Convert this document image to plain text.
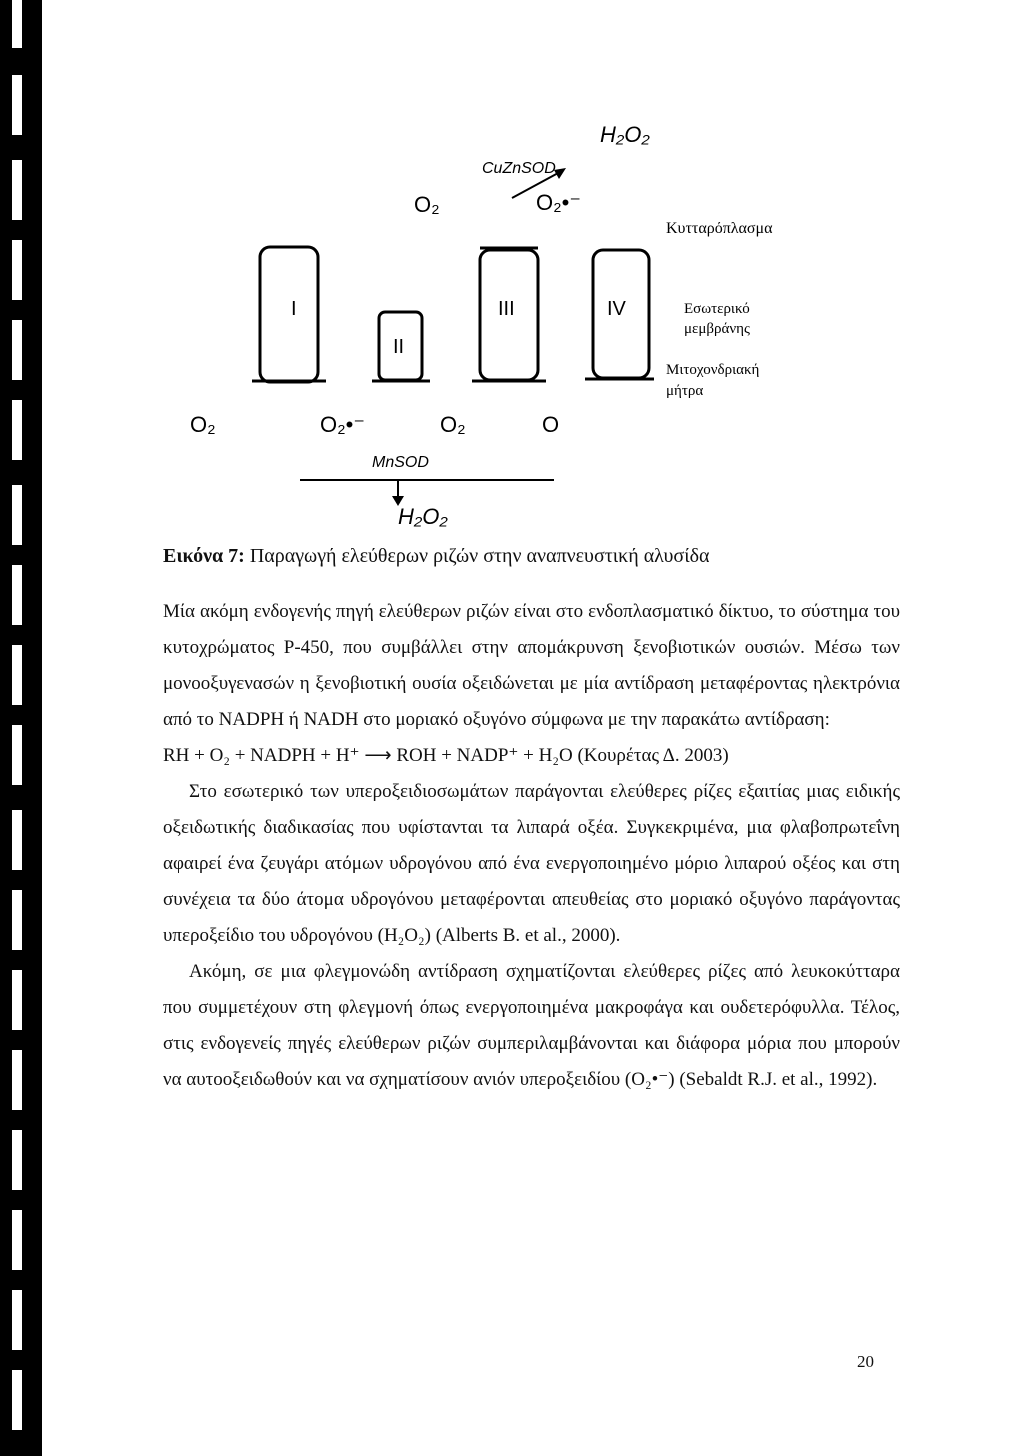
H₂O₂
CuZnSOD
O₂	O₂•⁻
Κυτταρόπλασμα
I
II
III	IV	Εσωτερικό
μεμβράνης
Μιτοχονδριακή
μήτρα
O₂	O₂•⁻	O₂	O
MnSOD
H₂O₂
Εικόνα 7: Παραγωγή ελεύθερων ριζών στην αναπνευστική αλυσίδα

Μία ακόμη ενδογενής πηγή ελεύθερων ριζών είναι στο ενδοπλασματικό δίκτυο, το σύστημα του κυτοχρώματος P-450, που συμβάλλει στην απομάκρυνση ξενοβιοτικών ουσιών. Μέσω των μονοοξυγενασών η ξενοβιοτική ουσία οξειδώνεται με μία αντίδραση μεταφέροντας ηλεκτρόνια από το NADPH ή NADH στο μοριακό οξυγόνο σύμφωνα με την παρακάτω αντίδραση:

RH + O₂ + NADPH + H⁺ ⟶ ROH + NADP⁺ + H₂O (Κουρέτας Δ. 2003)

Στο εσωτερικό των υπεροξειδιοσωμάτων παράγονται ελεύθερες ρίζες εξαιτίας μιας ειδικής οξειδωτικής διαδικασίας που υφίστανται τα λιπαρά οξέα. Συγκεκριμένα, μια φλαβοπρωτεΐνη αφαιρεί ένα ζευγάρι ατόμων υδρογόνου από ένα ενεργοποιημένο μόριο λιπαρού οξέος και στη συνέχεια τα δύο άτομα υδρογόνου μεταφέρονται απευθείας στο μοριακό οξυγόνο παράγοντας υπεροξείδιο του υδρογόνου (H₂O₂) (Alberts B. et al., 2000).

Ακόμη, σε μια φλεγμονώδη αντίδραση σχηματίζονται ελεύθερες ρίζες από λευκοκύτταρα που συμμετέχουν στη φλεγμονή όπως ενεργοποιημένα μακροφάγα και ουδετερόφυλλα. Τέλος, στις ενδογενείς πηγές ελεύθερων ριζών συμπεριλαμβάνονται και διάφορα μόρια που μπορούν να αυτοοξειδωθούν και να σχηματίσουν ανιόν υπεροξειδίου (O₂•⁻) (Sebaldt R.J. et al., 1992).

20
